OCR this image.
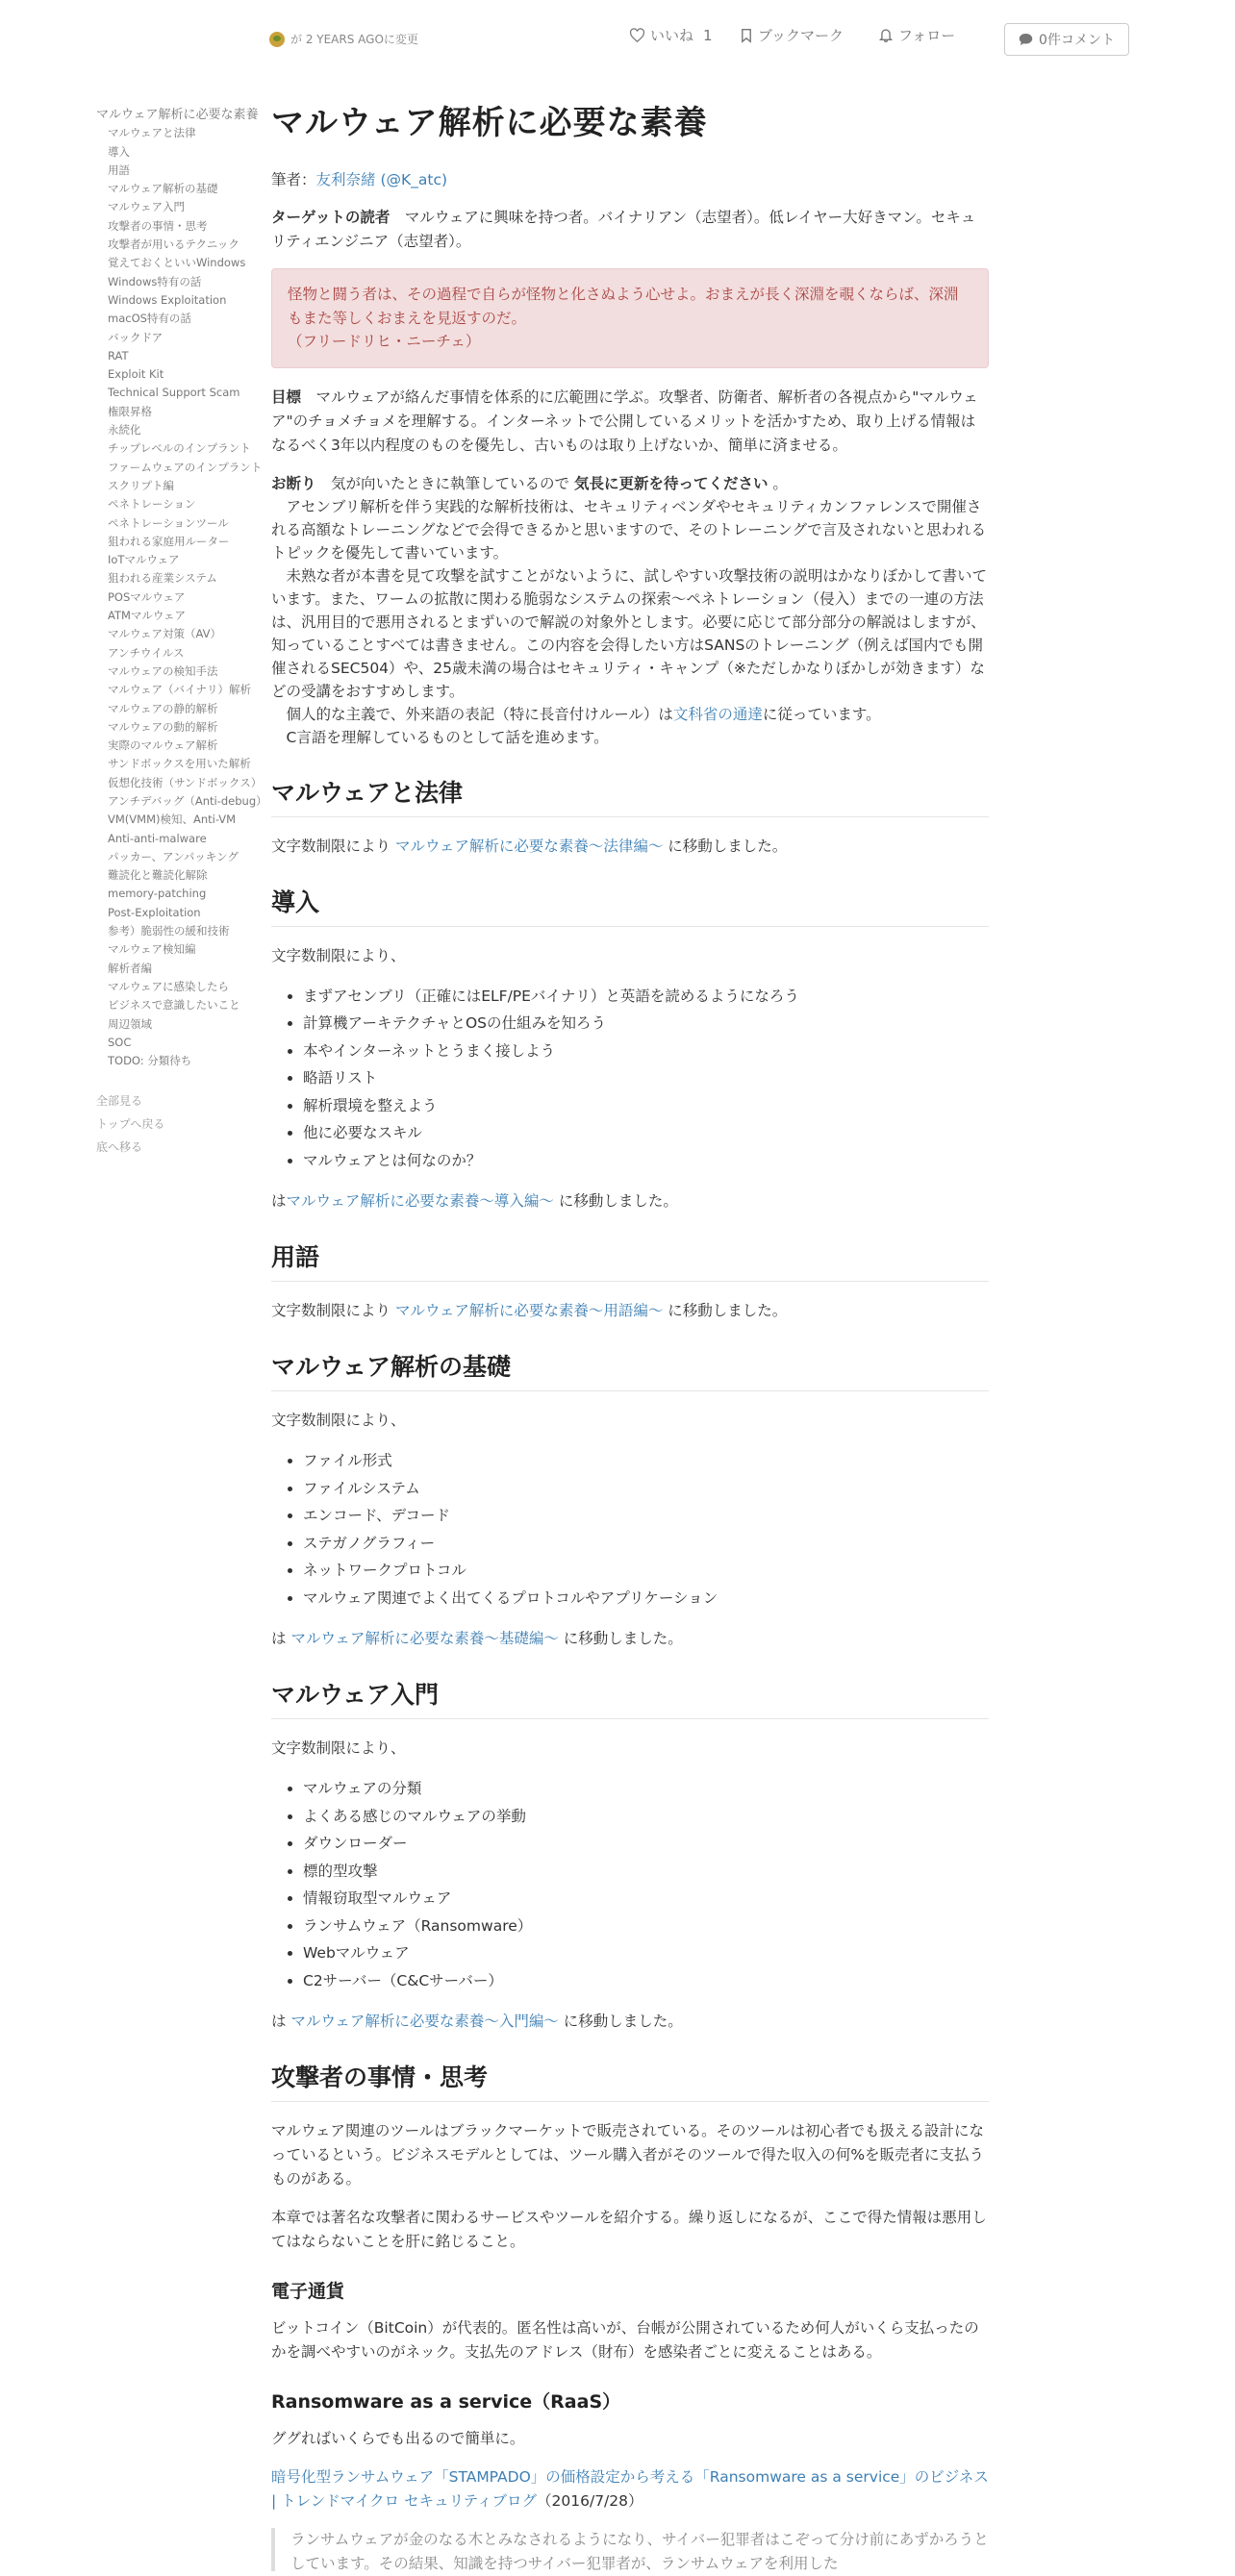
が 2 YEARS AGOに変更	いいね 1	ブックマーク	フォロー	0件コメント
マルウェア解析に必要な素養
マルウェアと法律
導入
用語
マルウェア解析の基礎
マルウェア入門
攻撃者の事情・思考
攻撃者が用いるテクニック
覚えておくといいWindows
Windows特有の話
Windows Exploitation
macOS特有の話
バックドア
RAT
Exploit Kit
Technical Support Scam
権限昇格
永続化
チップレベルのインプラント
ファームウェアのインプラント
スクリプト編
ペネトレーション
ペネトレーションツール
狙われる家庭用ルーター
IoTマルウェア
狙われる産業システム
POSマルウェア
ATMマルウェア
マルウェア対策（AV）
アンチウイルス
マルウェアの検知手法
マルウェア（バイナリ）解析
マルウェアの静的解析
マルウェアの動的解析
実際のマルウェア解析
サンドボックスを用いた解析
仮想化技術（サンドボックス）
アンチデバッグ（Anti-debug）
VM(VMM)検知、Anti-VM
Anti-anti-malware
パッカー、アンパッキング
難読化と難読化解除
memory-patching
Post-Exploitation
参考）脆弱性の緩和技術
マルウェア検知編
解析者編
マルウェアに感染したら
ビジネスで意識したいこと
周辺領域
SOC
TODO: 分類待ち
全部見る
トップへ戻る
底へ移る
マルウェア解析に必要な素養

筆者：友利奈緒 (@K_atc)

ターゲットの読者　マルウェアに興味を持つ者。バイナリアン（志望者）。低レイヤー大好きマン。セキュリティエンジニア（志望者）。

怪物と闘う者は、その過程で自らが怪物と化さぬよう心せよ。おまえが長く深淵を覗くならば、深淵もまた等しくおまえを見返すのだ。
（フリードリヒ・ニーチェ）

目標　マルウェアが絡んだ事情を体系的に広範囲に学ぶ。攻撃者、防衛者、解析者の各視点から"マルウェア"のチョメチョメを理解する。インターネットで公開しているメリットを活かすため、取り上げる情報はなるべく3年以内程度のものを優先し、古いものは取り上げないか、簡単に済ませる。

お断り　気が向いたときに執筆しているので 気長に更新を待ってください 。
　アセンブリ解析を伴う実践的な解析技術は、セキュリティベンダやセキュリティカンファレンスで開催される高額なトレーニングなどで会得できるかと思いますので、そのトレーニングで言及されないと思われるトピックを優先して書いています。
　未熟な者が本書を見て攻撃を試すことがないように、試しやすい攻撃技術の説明はかなりぼかして書いています。また、ワームの拡散に関わる脆弱なシステムの探索～ペネトレーション（侵入）までの一連の方法は、汎用目的で悪用されるとまずいので解説の対象外とします。必要に応じて部分部分の解説はしますが、知っていることすべては書きません。この内容を会得したい方はSANSのトレーニング（例えば国内でも開催されるSEC504）や、25歳未満の場合はセキュリティ・キャンプ（※ただしかなりぼかしが効きます）などの受講をおすすめします。
　個人的な主義で、外来語の表記（特に長音付けルール）は文科省の通達に従っています。
　C言語を理解しているものとして話を進めます。

マルウェアと法律

文字数制限により マルウェア解析に必要な素養～法律編～ に移動しました。

導入

文字数制限により、

• まずアセンブリ（正確にはELF/PEバイナリ）と英語を読めるようになろう
• 計算機アーキテクチャとOSの仕組みを知ろう
• 本やインターネットとうまく接しよう
• 略語リスト
• 解析環境を整えよう
• 他に必要なスキル
• マルウェアとは何なのか？

はマルウェア解析に必要な素養～導入編～ に移動しました。

用語

文字数制限により マルウェア解析に必要な素養～用語編～ に移動しました。

マルウェア解析の基礎

文字数制限により、

• ファイル形式
• ファイルシステム
• エンコード、デコード
• ステガノグラフィー
• ネットワークプロトコル
• マルウェア関連でよく出てくるプロトコルやアプリケーション

は マルウェア解析に必要な素養～基礎編～ に移動しました。

マルウェア入門

文字数制限により、

• マルウェアの分類
• よくある感じのマルウェアの挙動
• ダウンローダー
• 標的型攻撃
• 情報窃取型マルウェア
• ランサムウェア（Ransomware）
• Webマルウェア
• C2サーバー（C&Cサーバー）

は マルウェア解析に必要な素養～入門編～ に移動しました。

攻撃者の事情・思考

マルウェア関連のツールはブラックマーケットで販売されている。そのツールは初心者でも扱える設計になっているという。ビジネスモデルとしては、ツール購入者がそのツールで得た収入の何%を販売者に支払う ものがある。

本章では著名な攻撃者に関わるサービスやツールを紹介する。繰り返しになるが、ここで得た情報は悪用してはならないことを肝に銘じること。

電子通貨

ビットコイン（BitCoin）が代表的。匿名性は高いが、台帳が公開されているため何人がいくら支払ったのかを調べやすいのがネック。支払先のアドレス（財布）を感染者ごとに変えることはある。

Ransomware as a service（RaaS）

ググればいくらでも出るので簡単に。

暗号化型ランサムウェア「STAMPADO」の価格設定から考える「Ransomware as a service」のビジネス | トレンドマイクロ セキュリティブログ（2016/7/28）

ランサムウェアが金のなる木とみなされるようになり、サイバー犯罪者はこぞって分け前にあずかろうとしています。その結果、知識を持つサイバー犯罪者が、ランサムウェアを利用した
